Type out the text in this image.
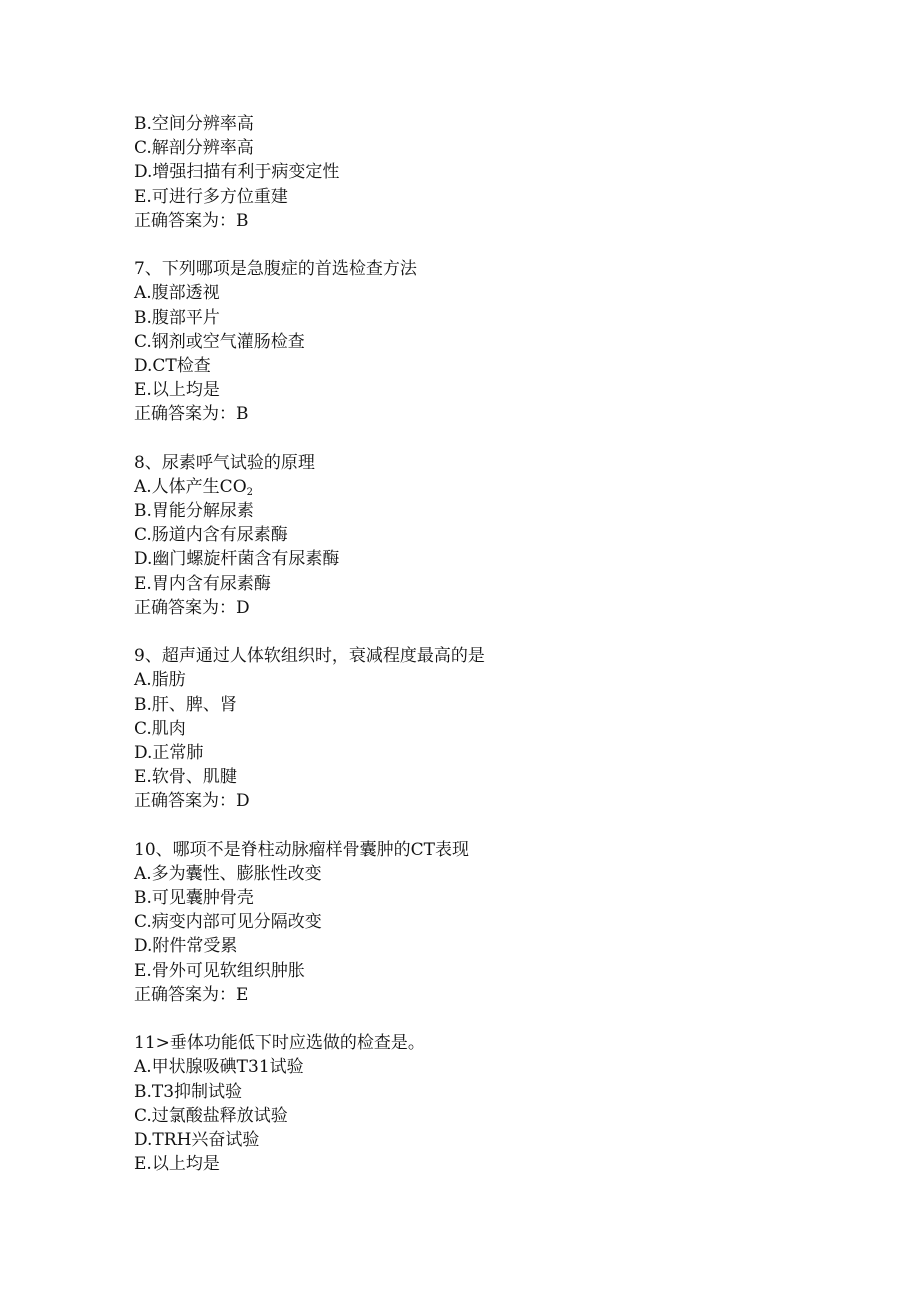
B.空间分辨率高
C.解剖分辨率高
D.增强扫描有利于病变定性
E.可进行多方位重建
正确答案为：B
7、下列哪项是急腹症的首选检查方法
A.腹部透视
B.腹部平片
C.钢剂或空气灌肠检查
D.CT检查
E.以上均是
正确答案为：B
8、尿素呼气试验的原理
A.人体产生$CO_2$
B.胃能分解尿素
C.肠道内含有尿素酶
D.幽门螺旋杆菌含有尿素酶
E.胃内含有尿素酶
正确答案为：D
9、超声通过人体软组织时，衰减程度最高的是
A.脂肪
B.肝、脾、肾
C.肌肉
D.正常肺
E.软骨、肌腱
正确答案为：D
10、哪项不是脊柱动脉瘤样骨囊肿的CT表现
A.多为囊性、膨胀性改变
B.可见囊肿骨壳
C.病变内部可见分隔改变
D.附件常受累
E.骨外可见软组织肿胀
正确答案为：E
11>垂体功能低下时应选做的检查是。
A.甲状腺吸碘T31试验
B.T3抑制试验
C.过氯酸盐释放试验
D.TRH兴奋试验
E.以上均是
